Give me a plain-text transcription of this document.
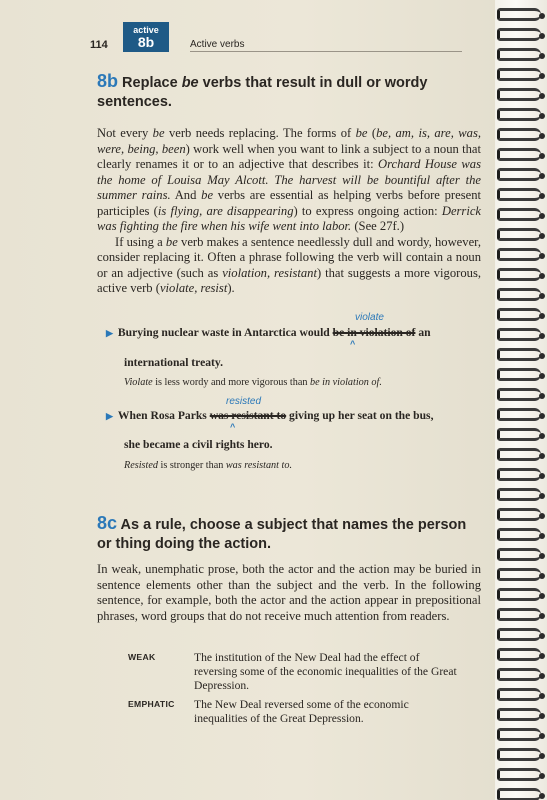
114
active
8b	Active verbs
8b Replace be verbs that result in dull or wordy sentences.

Not every be verb needs replacing. The forms of be (be, am, is, are, was, were, being, been) work well when you want to link a subject to a noun that clearly renames it or to an adjective that describes it: Orchard House was the home of Louisa May Alcott. The harvest will be bountiful after the summer rains. And be verbs are essential as helping verbs before present participles (is flying, are disappearing) to express ongoing action: Derrick was fighting the fire when his wife went into labor. (See 27f.)

If using a be verb makes a sentence needlessly dull and wordy, however, consider replacing it. Often a phrase following the verb will contain a noun or an adjective (such as violation, resistant) that suggests a more vigorous, active verb (violate, resist).

violate
▶ Burying nuclear waste in Antarctica would be in violation of an
^
international treaty.
Violate is less wordy and more vigorous than be in violation of.
resisted
▶ When Rosa Parks was resistant to giving up her seat on the bus,
^
she became a civil rights hero.
Resisted is stronger than was resistant to.
8c As a rule, choose a subject that names the person or thing doing the action.

In weak, unemphatic prose, both the actor and the action may be buried in sentence elements other than the subject and the verb. In the following sentence, for example, both the actor and the action appear in prepositional phrases, word groups that do not receive much attention from readers.

WEAK	The institution of the New Deal had the effect of reversing some of the economic inequalities of the Great Depression.
EMPHATIC	The New Deal reversed some of the economic inequalities of the Great Depression.
